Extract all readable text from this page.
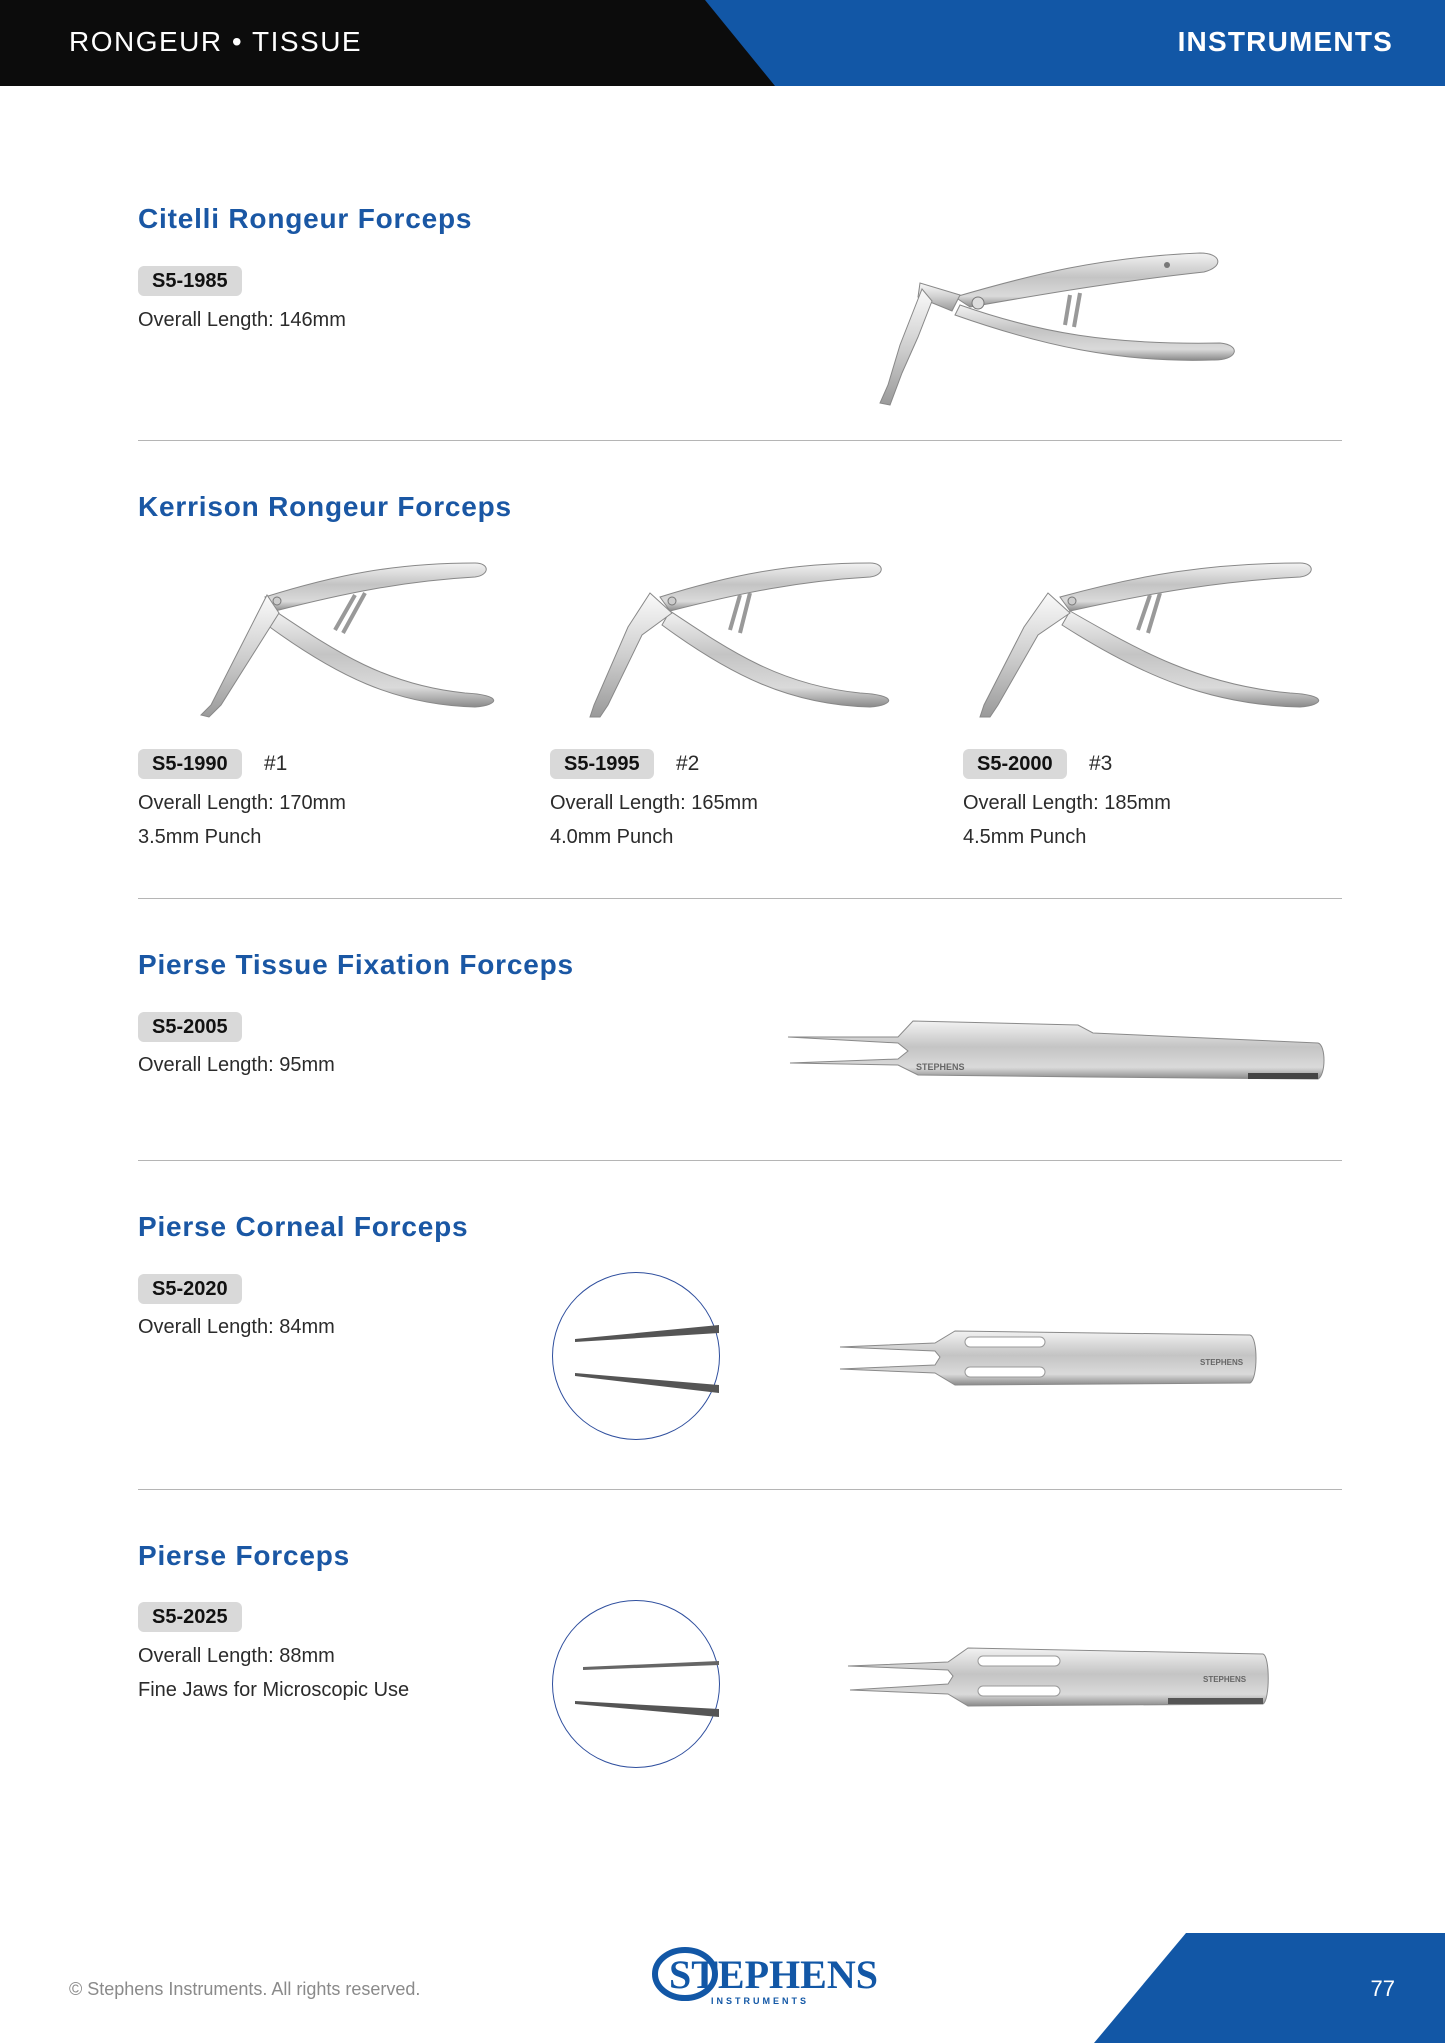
RONGEUR • TISSUE	INSTRUMENTS
Citelli Rongeur Forceps
S5-1985
Overall Length: 146mm
Kerrison Rongeur Forceps
S5-1990	#1
Overall Length: 170mm
3.5mm Punch
S5-1995	#2
Overall Length: 165mm
4.0mm Punch
S5-2000	#3
Overall Length: 185mm
4.5mm Punch
Pierse Tissue Fixation Forceps
S5-2005
Overall Length: 95mm	STEPHENS
Pierse Corneal Forceps
S5-2020
Overall Length: 84mm
STEPHENS
Pierse Forceps
S5-2025
Overall Length: 88mm
Fine Jaws for Microscopic Use	STEPHENS
© Stephens Instruments. All rights reserved.	STEPHENS
INSTRUMENTS	77
